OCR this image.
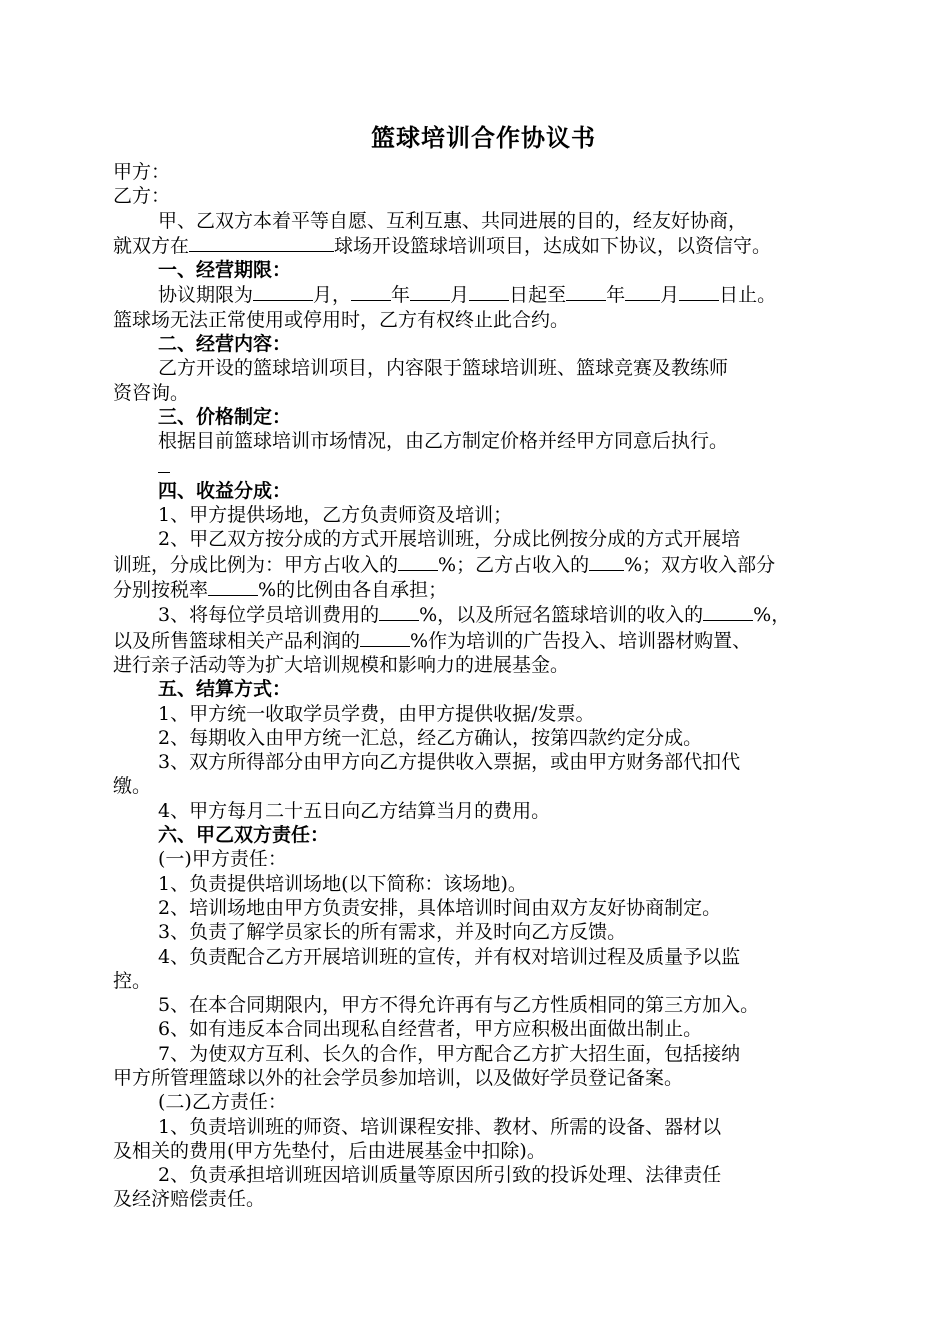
篮球培训合作协议书
甲方：
乙方：
甲、乙双方本着平等自愿、互利互惠、共同进展的目的，经友好协商，
就双方在	球场开设篮球培训项目，达成如下协议，以资信守。
一、经营期限：
协议期限为	月， 年 月 日起至 年 月 日止。
篮球场无法正常使用或停用时，乙方有权终止此合约。
二、经营内容：
乙方开设的篮球培训项目，内容限于篮球培训班、篮球竞赛及教练师
资咨询。
三、价格制定：
根据目前篮球培训市场情况，由乙方制定价格并经甲方同意后执行。
四、收益分成：
1、甲方提供场地，乙方负责师资及培训；
2、甲乙双方按分成的方式开展培训班，分成比例按分成的方式开展培
训班，分成比例为：甲方占收入的 %；乙方占收入的 %；双方收入部分
分别按税率	%的比例由各自承担；
3、将每位学员培训费用的 %，以及所冠名篮球培训的收入的	%，
以及所售篮球相关产品利润的	%作为培训的广告投入、培训器材购置、
进行亲子活动等为扩大培训规模和影响力的进展基金。
五、结算方式：
1、甲方统一收取学员学费，由甲方提供收据/发票。
2、每期收入由甲方统一汇总，经乙方确认，按第四款约定分成。
3、双方所得部分由甲方向乙方提供收入票据，或由甲方财务部代扣代
缴。
4、甲方每月二十五日向乙方结算当月的费用。
六、甲乙双方责任：
(一)甲方责任：
1、负责提供培训场地(以下简称：该场地)。
2、培训场地由甲方负责安排，具体培训时间由双方友好协商制定。
3、负责了解学员家长的所有需求，并及时向乙方反馈。
4、负责配合乙方开展培训班的宣传，并有权对培训过程及质量予以监
控。
5、在本合同期限内，甲方不得允许再有与乙方性质相同的第三方加入。
6、如有违反本合同出现私自经营者，甲方应积极出面做出制止。
7、为使双方互利、长久的合作，甲方配合乙方扩大招生面，包括接纳
甲方所管理篮球以外的社会学员参加培训，以及做好学员登记备案。
(二)乙方责任：
1、负责培训班的师资、培训课程安排、教材、所需的设备、器材以
及相关的费用(甲方先垫付，后由进展基金中扣除)。
2、负责承担培训班因培训质量等原因所引致的投诉处理、法律责任
及经济赔偿责任。
